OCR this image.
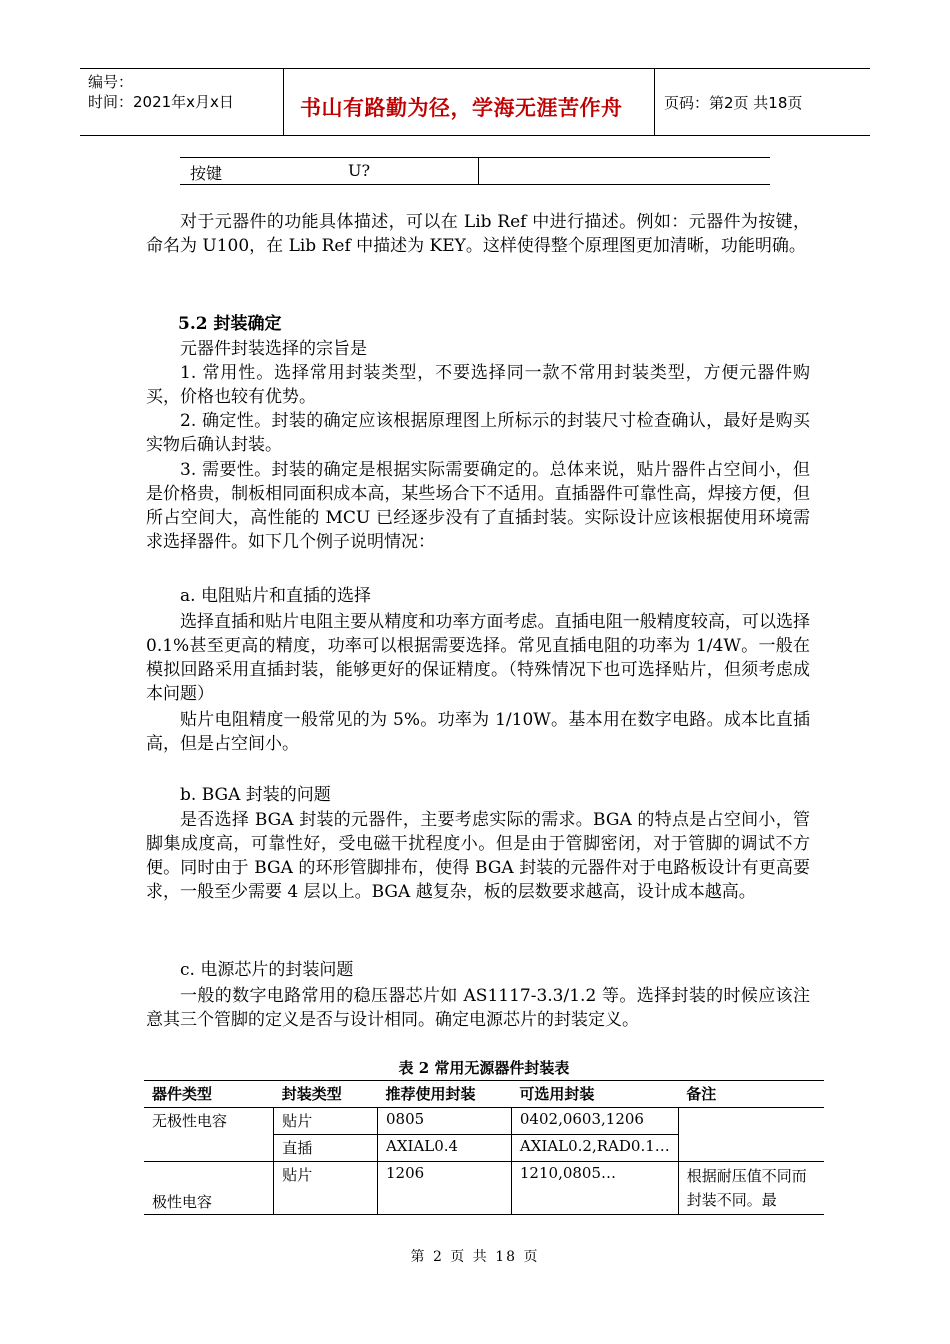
编号：
时间：2021年x月x日	书山有路勤为径，学海无涯苦作舟	页码：第2页 共18页
按键	U?

对于元器件的功能具体描述，可以在 Lib Ref 中进行描述。例如：元器件为按键，命名为 U100，在 Lib Ref 中描述为 KEY。这样使得整个原理图更加清晰，功能明确。

5.2 封装确定
元器件封装选择的宗旨是

1. 常用性。选择常用封装类型，不要选择同一款不常用封装类型，方便元器件购买，价格也较有优势。

2. 确定性。封装的确定应该根据原理图上所标示的封装尺寸检查确认，最好是购买实物后确认封装。

3. 需要性。封装的确定是根据实际需要确定的。总体来说，贴片器件占空间小，但是价格贵，制板相同面积成本高，某些场合下不适用。直插器件可靠性高，焊接方便，但所占空间大，高性能的 MCU 已经逐步没有了直插封装。实际设计应该根据使用环境需求选择器件。如下几个例子说明情况：

a. 电阻贴片和直插的选择

选择直插和贴片电阻主要从精度和功率方面考虑。直插电阻一般精度较高，可以选择 0.1%甚至更高的精度，功率可以根据需要选择。常见直插电阻的功率为 1/4W。一般在模拟回路采用直插封装，能够更好的保证精度。（特殊情况下也可选择贴片，但须考虑成本问题）

贴片电阻精度一般常见的为 5%。功率为 1/10W。基本用在数字电路。成本比直插高，但是占空间小。

b. BGA 封装的问题

是否选择 BGA 封装的元器件，主要考虑实际的需求。BGA 的特点是占空间小，管脚集成度高，可靠性好，受电磁干扰程度小。但是由于管脚密闭，对于管脚的调试不方便。同时由于 BGA 的环形管脚排布，使得 BGA 封装的元器件对于电路板设计有更高要求，一般至少需要 4 层以上。BGA 越复杂，板的层数要求越高，设计成本越高。

c. 电源芯片的封装问题

一般的数字电路常用的稳压器芯片如 AS1117-3.3/1.2 等。选择封装的时候应该注意其三个管脚的定义是否与设计相同。确定电源芯片的封装定义。

表 2 常用无源器件封装表
器件类型	封装类型	推荐使用封装	可选用封装	备注
无极性电容	贴片	0805	0402,0603,1206	
	直插	AXIAL0.4	AXIAL0.2,RAD0.1…	
极性电容	贴片	1206	1210,0805…	根据耐压值不同而封装不同。最
第 2 页 共 18 页
